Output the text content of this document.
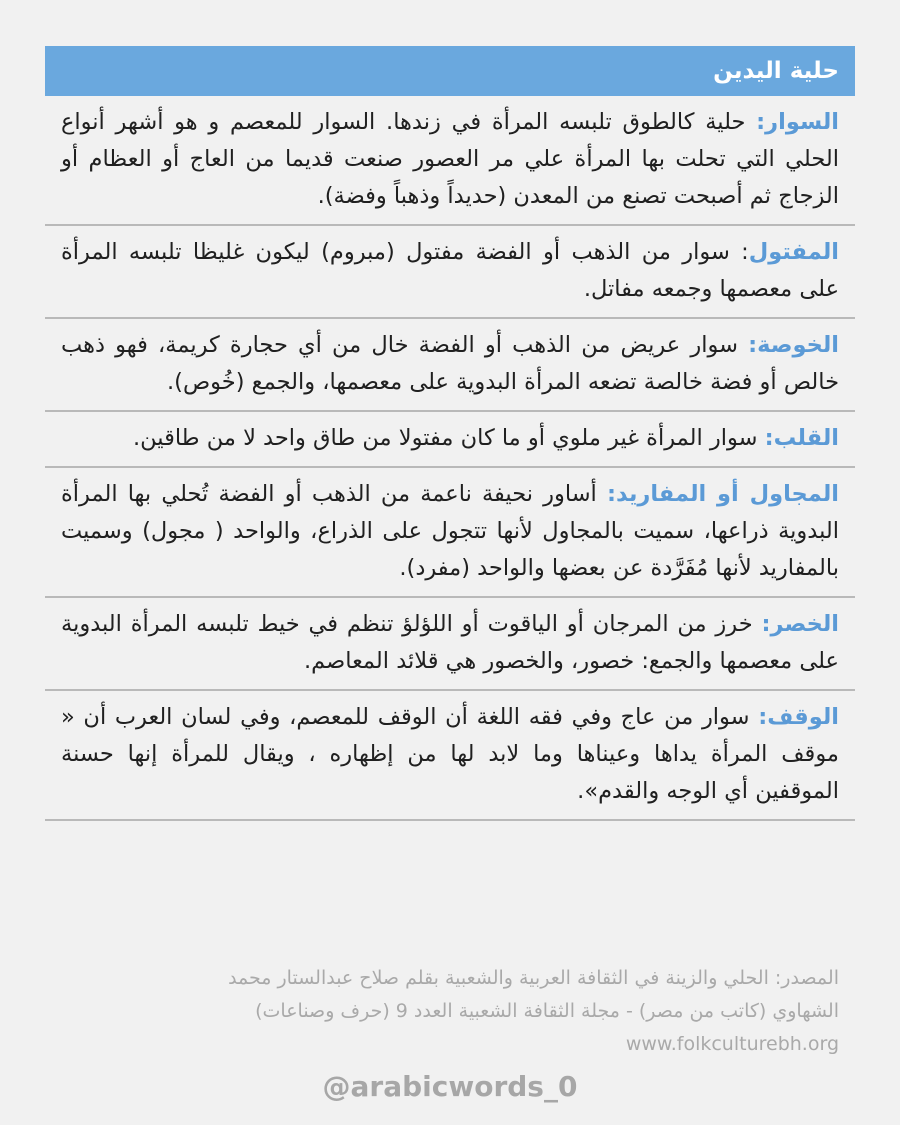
حلية اليدين
السوار: حلية كالطوق تلبسه المرأة في زندها. السوار للمعصم و هو أشهر أنواع الحلي التي تحلت بها المرأة علي مر العصور صنعت قديما من العاج أو العظام أو الزجاج ثم أصبحت تصنع من المعدن (حديداً وذهباً وفضة).
المفتول: سوار من الذهب أو الفضة مفتول (مبروم) ليكون غليظا تلبسه المرأة على معصمها وجمعه مفاتل.
الخوصة: سوار عريض من الذهب أو الفضة خال من أي حجارة كريمة، فهو ذهب خالص أو فضة خالصة تضعه المرأة البدوية على معصمها، والجمع (خُوص).
القلب: سوار المرأة غير ملوي أو ما كان مفتولا من طاق واحد لا من طاقين.
المجاول أو المفاريد: أساور نحيفة ناعمة من الذهب أو الفضة تُحلي بها المرأة البدوية ذراعها، سميت بالمجاول لأنها تتجول على الذراع، والواحد ( مجول) وسميت بالمفاريد لأنها مُفَرَّدة عن بعضها والواحد (مفرد).
الخصر: خرز من المرجان أو الياقوت أو اللؤلؤ تنظم في خيط تلبسه المرأة البدوية على معصمها والجمع: خصور، والخصور هي قلائد المعاصم.
الوقف: سوار من عاج وفي فقه اللغة أن الوقف للمعصم، وفي لسان العرب أن « موقف المرأة يداها وعيناها وما لابد لها من إظهاره ، ويقال للمرأة إنها حسنة الموقفين أي الوجه والقدم».
المصدر: الحلي والزينة في الثقافة العربية والشعبية بقلم صلاح عبدالستار محمد
الشهاوي (كاتب من مصر) - مجلة الثقافة الشعبية العدد 9 (حرف وصناعات)
www.folkculturebh.org
@arabicwords_0
